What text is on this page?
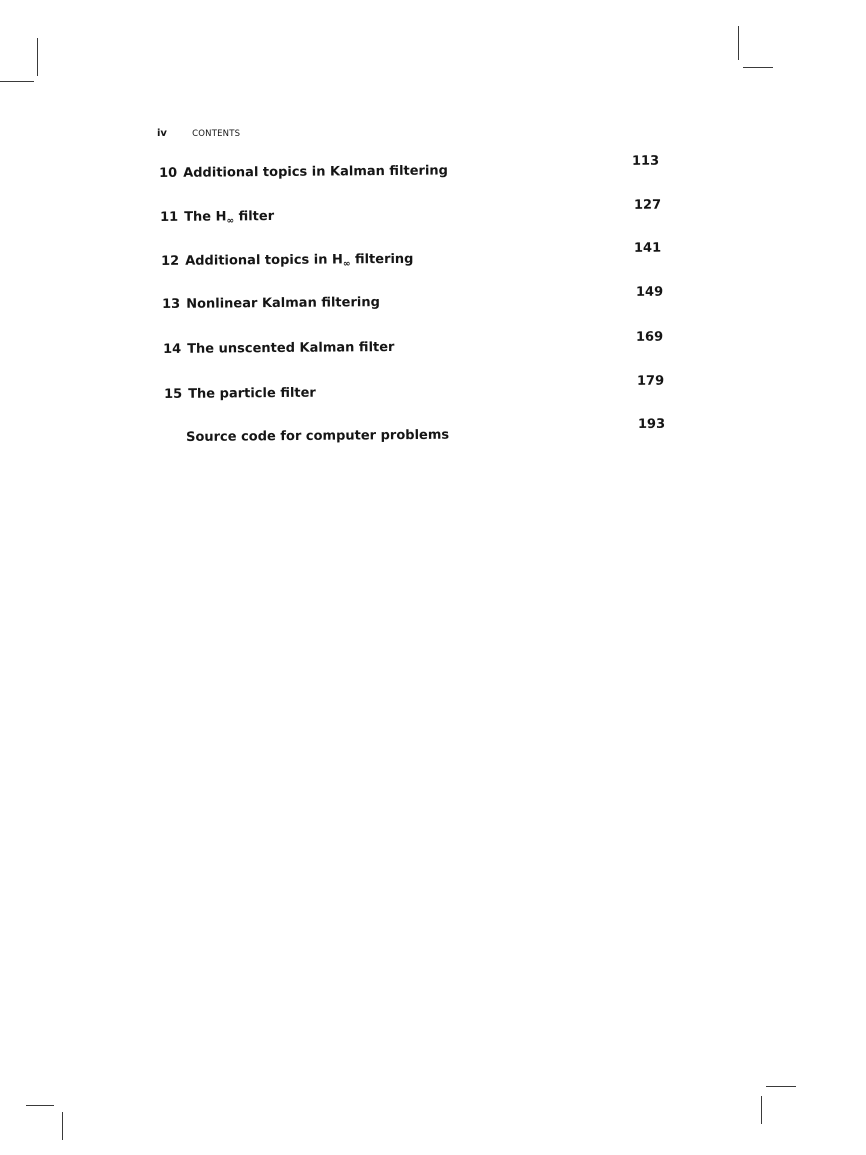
iv	CONTENTS
10 Additional topics in Kalman filtering
113
11 The $H_\infty$ filter
127
12 Additional topics in $H_\infty$ filtering
141
13 Nonlinear Kalman filtering
149
14 The unscented Kalman filter
169
15 The particle filter
179
Source code for computer problems
193
